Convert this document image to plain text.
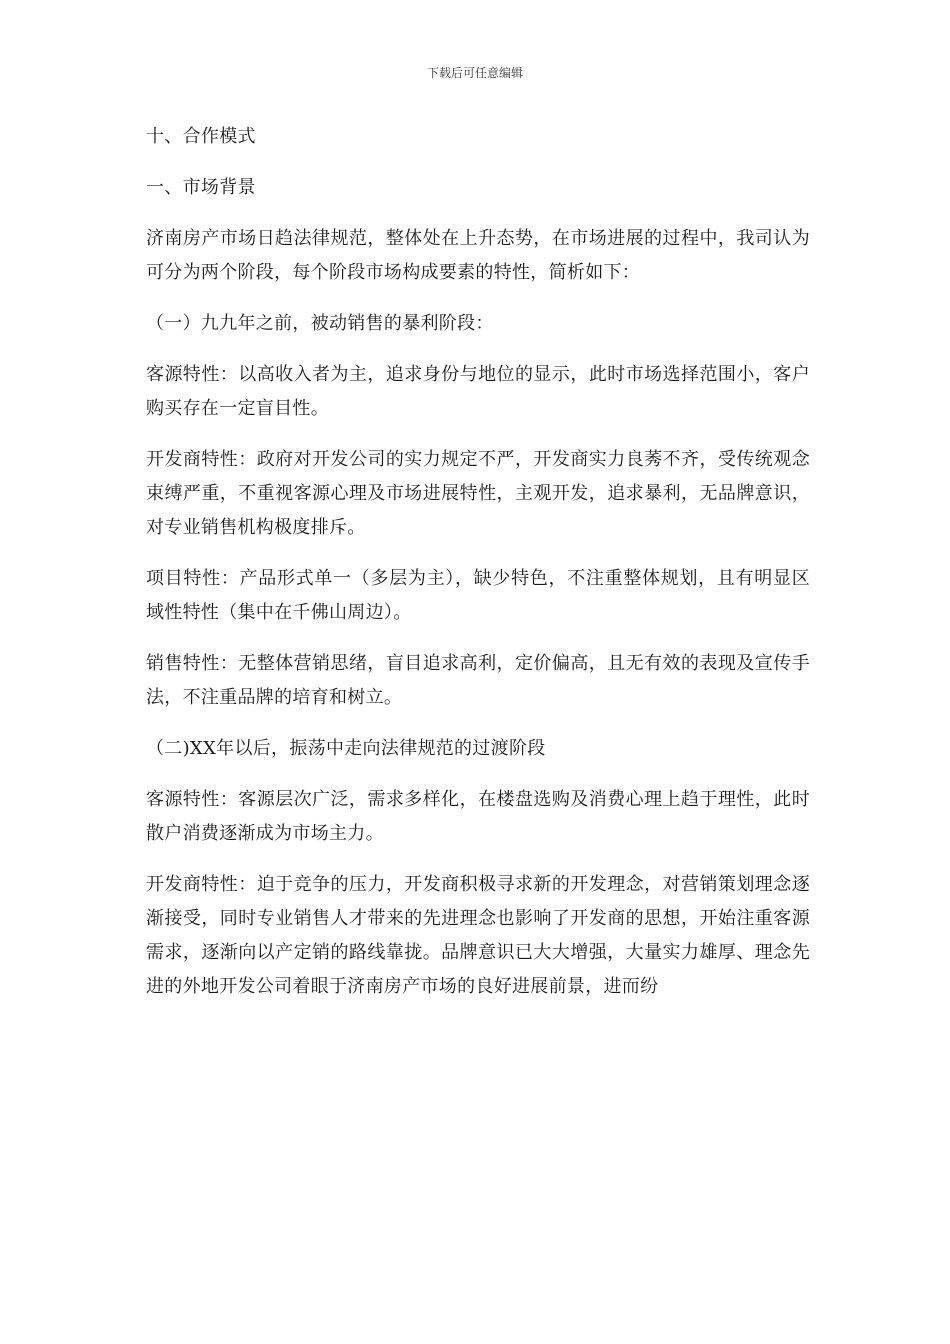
下载后可任意编辑

十、合作模式

一、市场背景

济南房产市场日趋法律规范，整体处在上升态势，在市场进展的过程中，我司认为可分为两个阶段，每个阶段市场构成要素的特性，简析如下：

（一）九九年之前，被动销售的暴利阶段：

客源特性：以高收入者为主，追求身份与地位的显示，此时市场选择范围小，客户购买存在一定盲目性。

开发商特性：政府对开发公司的实力规定不严，开发商实力良莠不齐，受传统观念束缚严重，不重视客源心理及市场进展特性，主观开发，追求暴利，无品牌意识，对专业销售机构极度排斥。

项目特性：产品形式单一（多层为主），缺少特色，不注重整体规划，且有明显区域性特性（集中在千佛山周边）。

销售特性：无整体营销思绪，盲目追求高利，定价偏高，且无有效的表现及宣传手法，不注重品牌的培育和树立。

（二)XX年以后，振荡中走向法律规范的过渡阶段

客源特性：客源层次广泛，需求多样化，在楼盘选购及消费心理上趋于理性，此时散户消费逐渐成为市场主力。

开发商特性：迫于竞争的压力，开发商积极寻求新的开发理念，对营销策划理念逐渐接受，同时专业销售人才带来的先进理念也影响了开发商的思想，开始注重客源需求，逐渐向以产定销的路线靠拢。品牌意识已大大增强，大量实力雄厚、理念先进的外地开发公司着眼于济南房产市场的良好进展前景，进而纷
